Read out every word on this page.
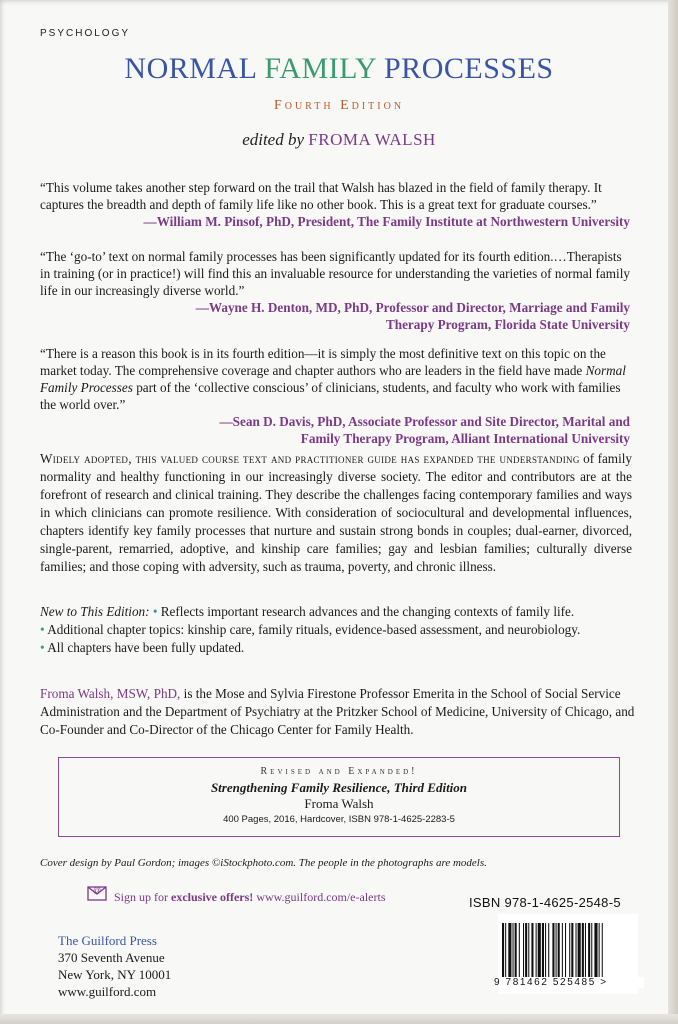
PSYCHOLOGY
NORMAL FAMILY PROCESSES
Fourth Edition
edited by FROMA WALSH
“This volume takes another step forward on the trail that Walsh has blazed in the field of family therapy. It captures the breadth and depth of family life like no other book. This is a great text for graduate courses.”
—William M. Pinsof, PhD, President, The Family Institute at Northwestern University
“The ‘go-to’ text on normal family processes has been significantly updated for its fourth edition.…Therapists in training (or in practice!) will find this an invaluable resource for understanding the varieties of normal family life in our increasingly diverse world.”
—Wayne H. Denton, MD, PhD, Professor and Director, Marriage and Family Therapy Program, Florida State University
“There is a reason this book is in its fourth edition—it is simply the most definitive text on this topic on the market today. The comprehensive coverage and chapter authors who are leaders in the field have made Normal Family Processes part of the ‘collective conscious’ of clinicians, students, and faculty who work with families the world over.”
—Sean D. Davis, PhD, Associate Professor and Site Director, Marital and Family Therapy Program, Alliant International University
Widely adopted, this valued course text and practitioner guide has expanded the understanding of family normality and healthy functioning in our increasingly diverse society. The editor and contributors are at the forefront of research and clinical training. They describe the challenges facing contemporary families and ways in which clinicians can promote resilience. With consideration of sociocultural and developmental influences, chapters identify key family processes that nurture and sustain strong bonds in couples; dual-earner, divorced, single-parent, remarried, adoptive, and kinship care families; gay and lesbian families; culturally diverse families; and those coping with adversity, such as trauma, poverty, and chronic illness.
New to This Edition: • Reflects important research advances and the changing contexts of family life.
• Additional chapter topics: kinship care, family rituals, evidence-based assessment, and neurobiology.
• All chapters have been fully updated.
Froma Walsh, MSW, PhD, is the Mose and Sylvia Firestone Professor Emerita in the School of Social Service Administration and the Department of Psychiatry at the Pritzker School of Medicine, University of Chicago, and Co-Founder and Co-Director of the Chicago Center for Family Health.
Revised and Expanded!
Strengthening Family Resilience, Third Edition
Froma Walsh
400 Pages, 2016, Hardcover, ISBN 978-1-4625-2283-5
Cover design by Paul Gordon; images ©iStockphoto.com. The people in the photographs are models.
@ Sign up for exclusive offers! www.guilford.com/e-alerts	ISBN 978-1-4625-2548-5
9 781462 525485 >
The Guilford Press
370 Seventh Avenue
New York, NY 10001
www.guilford.com
